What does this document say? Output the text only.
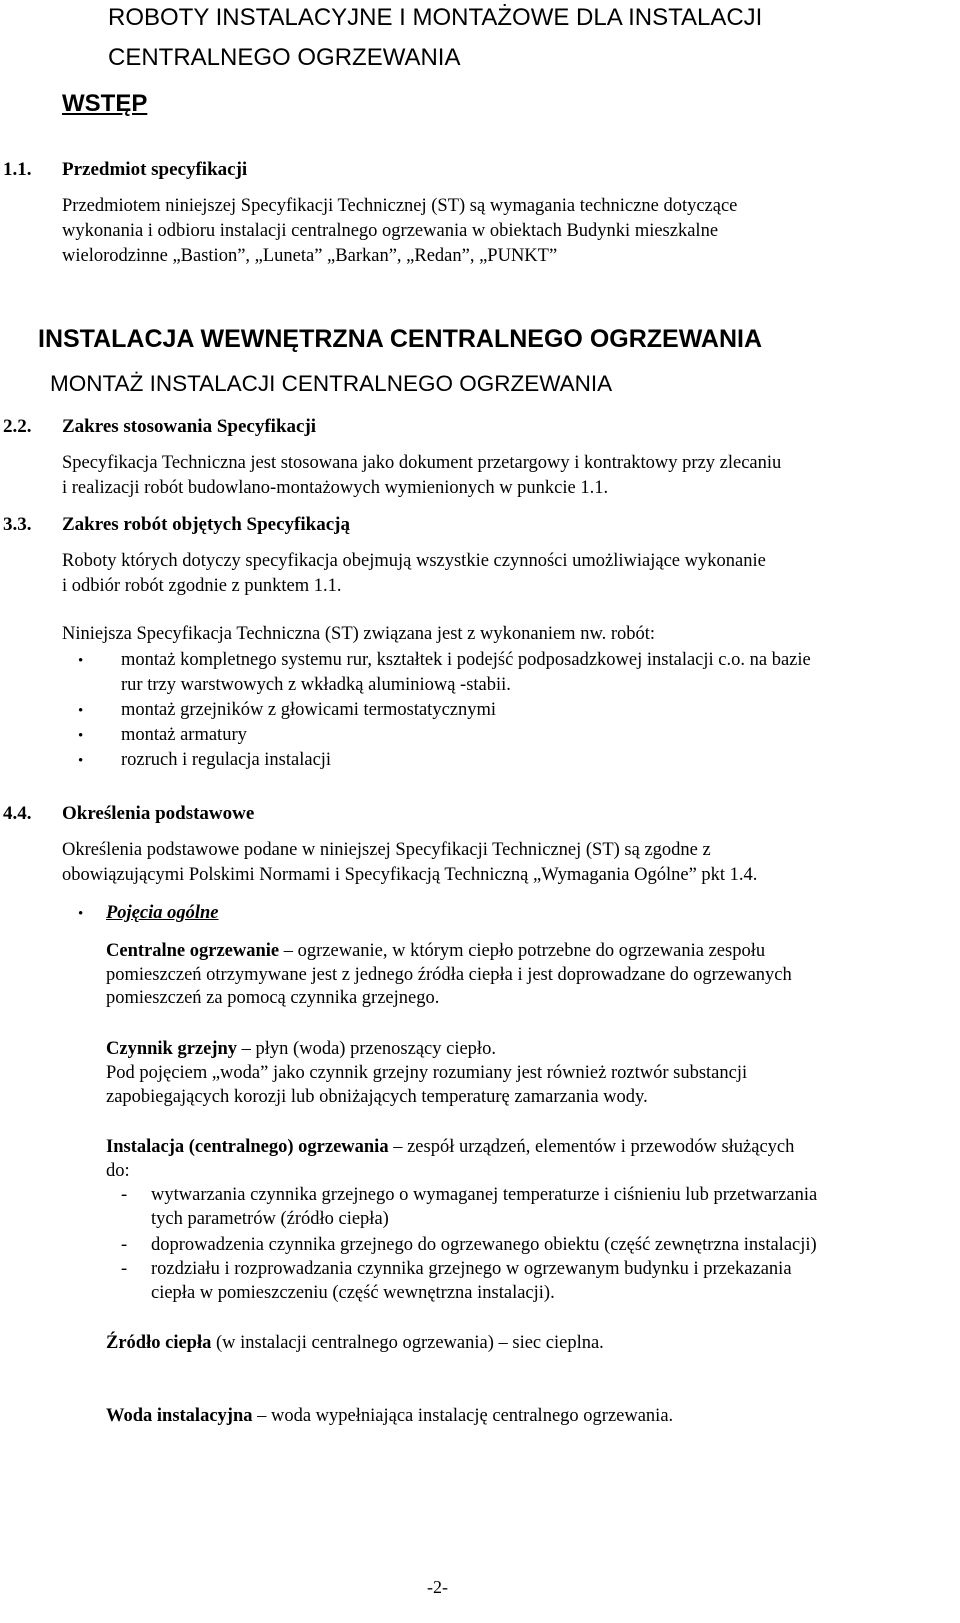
ROBOTY INSTALACYJNE I MONTAŻOWE DLA INSTALACJI
CENTRALNEGO OGRZEWANIA
WSTĘP
1.1. Przedmiot specyfikacji
Przedmiotem niniejszej Specyfikacji Technicznej (ST) są wymagania techniczne dotyczące
wykonania i odbioru instalacji centralnego ogrzewania w obiektach Budynki mieszkalne
wielorodzinne „Bastion”, „Luneta” „Barkan”, „Redan”, „PUNKT”
INSTALACJA WEWNĘTRZNA CENTRALNEGO OGRZEWANIA
MONTAŻ INSTALACJI CENTRALNEGO OGRZEWANIA
2.2. Zakres stosowania Specyfikacji
Specyfikacja Techniczna jest stosowana jako dokument przetargowy i kontraktowy przy zlecaniu
i realizacji robót budowlano-montażowych wymienionych w punkcie 1.1.
3.3. Zakres robót objętych Specyfikacją
Roboty których dotyczy specyfikacja obejmują wszystkie czynności umożliwiające wykonanie
i odbiór robót zgodnie z punktem 1.1.
Niniejsza Specyfikacja Techniczna (ST) związana jest z wykonaniem nw. robót:
• montaż kompletnego systemu rur, kształtek i podejść podposadzkowej instalacji c.o. na bazie
rur trzy warstwowych z wkładką aluminiową -stabii.
• montaż grzejników z głowicami termostatycznymi
• montaż armatury
• rozruch i regulacja instalacji
4.4. Określenia podstawowe
Określenia podstawowe podane w niniejszej Specyfikacji Technicznej (ST) są zgodne z
obowiązującymi Polskimi Normami i Specyfikacją Techniczną „Wymagania Ogólne” pkt 1.4.
• Pojęcia ogólne
Centralne ogrzewanie – ogrzewanie, w którym ciepło potrzebne do ogrzewania zespołu
pomieszczeń otrzymywane jest z jednego źródła ciepła i jest doprowadzane do ogrzewanych
pomieszczeń za pomocą czynnika grzejnego.
Czynnik grzejny – płyn (woda) przenoszący ciepło.
Pod pojęciem „woda” jako czynnik grzejny rozumiany jest również roztwór substancji
zapobiegających korozji lub obniżających temperaturę zamarzania wody.
Instalacja (centralnego) ogrzewania – zespół urządzeń, elementów i przewodów służących
do:
- wytwarzania czynnika grzejnego o wymaganej temperaturze i ciśnieniu lub przetwarzania
tych parametrów (źródło ciepła)
- doprowadzenia czynnika grzejnego do ogrzewanego obiektu (część zewnętrzna instalacji)
- rozdziału i rozprowadzania czynnika grzejnego w ogrzewanym budynku i przekazania
ciepła w pomieszczeniu (część wewnętrzna instalacji).
Źródło ciepła (w instalacji centralnego ogrzewania) – siec cieplna.
Woda instalacyjna – woda wypełniająca instalację centralnego ogrzewania.
-2-
